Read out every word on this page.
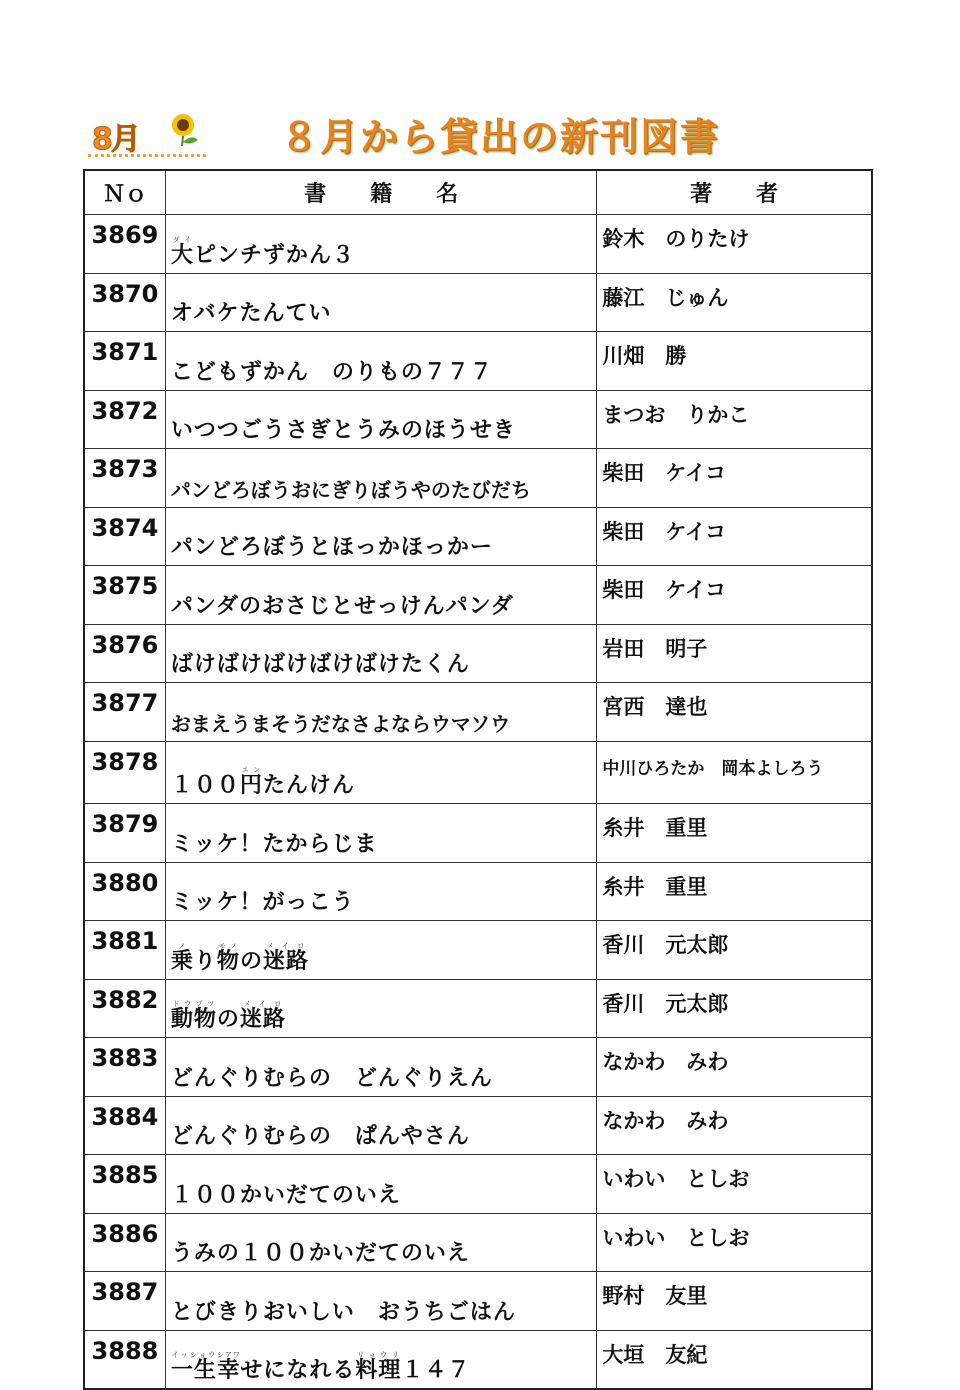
8月	８月から貸出の新刊図書
Ｎｏ	書　　籍　　名	著　　者
3869	大ダイピンチずかん３	鈴木　のりたけ
3870	オバケたんてい	藤江　じゅん
3871	こどもずかん　のりもの７７７	川畑　勝
3872	いつつごうさぎとうみのほうせき	まつお　りかこ
3873	パンどろぼうおにぎりぼうやのたびだち	柴田　ケイコ
3874	パンどろぼうとほっかほっかー	柴田　ケイコ
3875	パンダのおさじとせっけんパンダ	柴田　ケイコ
3876	ばけばけばけばけばけたくん	岩田　明子
3877	おまえうまそうだなさよならウマソウ	宮西　達也
3878	１００円エンたんけん	中川ひろたか　岡本よしろう
3879	ミッケ！たからじま	糸井　重里
3880	ミッケ！がっこう	糸井　重里
3881	乗ノり物モノの迷路メイロ	香川　元太郎
3882	動物ドウブツの迷路メイロ	香川　元太郎
3883	どんぐりむらの　どんぐりえん	なかわ　みわ
3884	どんぐりむらの　ぱんやさん	なかわ　みわ
3885	１００かいだてのいえ	いわい　としお
3886	うみの１００かいだてのいえ	いわい　としお
3887	とびきりおいしい　おうちごはん	野村　友里
3888	一生イッショウ幸シアワせになれる料理リョウリ１４７	大垣　友紀
